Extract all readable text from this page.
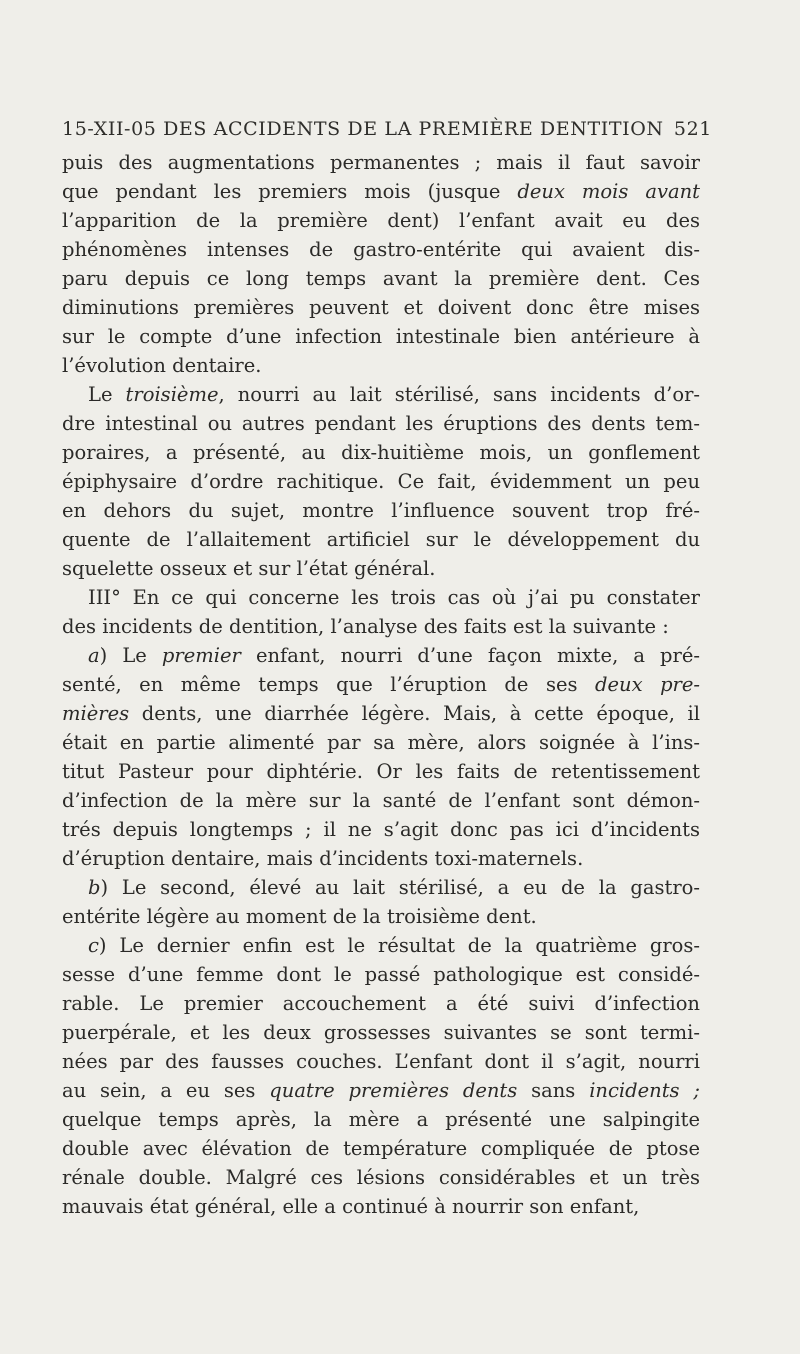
15-XII-05 DES ACCIDENTS DE LA PREMIÈRE DENTITION 521
puis des augmentations permanentes ; mais il faut savoir
que pendant les premiers mois (jusque deux mois avant
l’apparition de la première dent) l’enfant avait eu des
phénomènes intenses de gastro-entérite qui avaient dis-
paru depuis ce long temps avant la première dent. Ces
diminutions premières peuvent et doivent donc être mises
sur le compte d’une infection intestinale bien antérieure à
l’évolution dentaire.
Le troisième, nourri au lait stérilisé, sans incidents d’or-
dre intestinal ou autres pendant les éruptions des dents tem-
poraires, a présenté, au dix-huitième mois, un gonflement
épiphysaire d’ordre rachitique. Ce fait, évidemment un peu
en dehors du sujet, montre l’influence souvent trop fré-
quente de l’allaitement artificiel sur le développement du
squelette osseux et sur l’état général.
III° En ce qui concerne les trois cas où j’ai pu constater
des incidents de dentition, l’analyse des faits est la suivante :
a) Le premier enfant, nourri d’une façon mixte, a pré-
senté, en même temps que l’éruption de ses deux pre-
mières dents, une diarrhée légère. Mais, à cette époque, il
était en partie alimenté par sa mère, alors soignée à l’ins-
titut Pasteur pour diphtérie. Or les faits de retentissement
d’infection de la mère sur la santé de l’enfant sont démon-
trés depuis longtemps ; il ne s’agit donc pas ici d’incidents
d’éruption dentaire, mais d’incidents toxi-maternels.
b) Le second, élevé au lait stérilisé, a eu de la gastro-
entérite légère au moment de la troisième dent.
c) Le dernier enfin est le résultat de la quatrième gros-
sesse d’une femme dont le passé pathologique est considé-
rable. Le premier accouchement a été suivi d’infection
puerpérale, et les deux grossesses suivantes se sont termi-
nées par des fausses couches. L’enfant dont il s’agit, nourri
au sein, a eu ses quatre premières dents sans incidents ;
quelque temps après, la mère a présenté une salpingite
double avec élévation de température compliquée de ptose
rénale double. Malgré ces lésions considérables et un très
mauvais état général, elle a continué à nourrir son enfant,
